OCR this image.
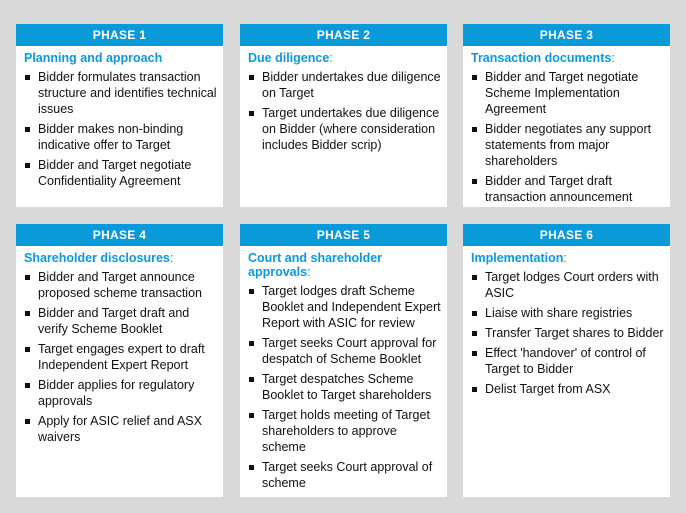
PHASE 1
Planning and approach
Bidder formulates transaction structure and identifies technical issues
Bidder makes non-binding indicative offer to Target
Bidder and Target negotiate Confidentiality Agreement
PHASE 2
Due diligence:
Bidder undertakes due diligence on Target
Target undertakes due diligence on Bidder (where consideration includes Bidder scrip)
PHASE 3
Transaction documents:
Bidder and Target negotiate Scheme Implementation Agreement
Bidder negotiates any support statements from major shareholders
Bidder and Target draft transaction announcement
PHASE 4
Shareholder disclosures:
Bidder and Target announce proposed scheme transaction
Bidder and Target draft and verify Scheme Booklet
Target engages expert to draft Independent Expert Report
Bidder applies for regulatory approvals
Apply for ASIC relief and ASX waivers
PHASE 5
Court and shareholder approvals:
Target lodges draft Scheme Booklet and Independent Expert Report with ASIC for review
Target seeks Court approval for despatch of Scheme Booklet
Target despatches Scheme Booklet to Target shareholders
Target holds meeting of Target shareholders to approve scheme
Target seeks Court approval of scheme
PHASE 6
Implementation:
Target lodges Court orders with ASIC
Liaise with share registries
Transfer Target shares to Bidder
Effect 'handover' of control of Target to Bidder
Delist Target from ASX
